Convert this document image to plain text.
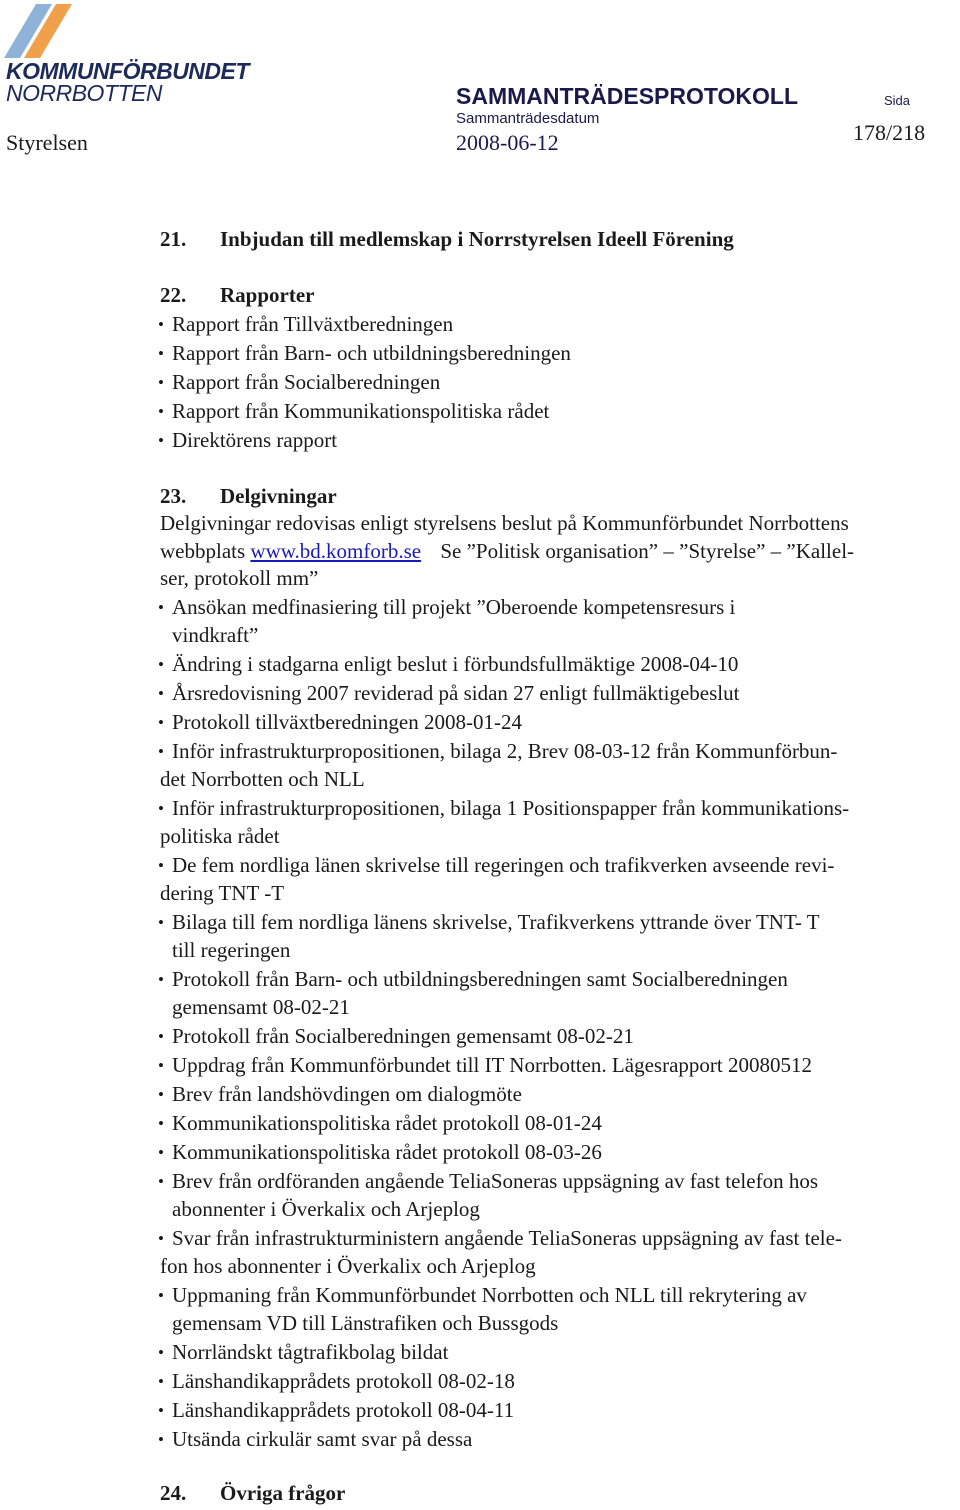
KOMMUNFÖRBUNDET
NORRBOTTEN
Styrelsen
SAMMANTRÄDESPROTOKOLL
Sammanträdesdatum
2008-06-12
Sida
178/218
21. Inbjudan till medlemskap i Norrstyrelsen Ideell Förening
22. Rapporter
• Rapport från Tillväxtberedningen
• Rapport från Barn- och utbildningsberedningen
• Rapport från Socialberedningen
• Rapport från Kommunikationspolitiska rådet
• Direktörens rapport
23. Delgivningar
Delgivningar redovisas enligt styrelsens beslut på Kommunförbundet Norrbottens
webbplats www.bd.komforb.se Se ”Politisk organisation” – ”Styrelse” – ”Kallel-
ser, protokoll mm”
• Ansökan medfinasiering till projekt ”Oberoende kompetensresurs i
vindkraft”
• Ändring i stadgarna enligt beslut i förbundsfullmäktige 2008-04-10
• Årsredovisning 2007 reviderad på sidan 27 enligt fullmäktigebeslut
• Protokoll tillväxtberedningen 2008-01-24
• Inför infrastrukturpropositionen, bilaga 2, Brev 08-03-12 från Kommunförbun-
det Norrbotten och NLL
• Inför infrastrukturpropositionen, bilaga 1 Positionspapper från kommunikations-
politiska rådet
• De fem nordliga länen skrivelse till regeringen och trafikverken avseende revi-
dering TNT -T
• Bilaga till fem nordliga länens skrivelse, Trafikverkens yttrande över TNT- T
till regeringen
• Protokoll från Barn- och utbildningsberedningen samt Socialberedningen
gemensamt 08-02-21
• Protokoll från Socialberedningen gemensamt 08-02-21
• Uppdrag från Kommunförbundet till IT Norrbotten. Lägesrapport 20080512
• Brev från landshövdingen om dialogmöte
• Kommunikationspolitiska rådet protokoll 08-01-24
• Kommunikationspolitiska rådet protokoll 08-03-26
• Brev från ordföranden angående TeliaSoneras uppsägning av fast telefon hos
abonnenter i Överkalix och Arjeplog
• Svar från infrastrukturministern angående TeliaSoneras uppsägning av fast tele-
fon hos abonnenter i Överkalix och Arjeplog
• Uppmaning från Kommunförbundet Norrbotten och NLL till rekrytering av
gemensam VD till Länstrafiken och Bussgods
• Norrländskt tågtrafikbolag bildat
• Länshandikapprådets protokoll 08-02-18
• Länshandikapprådets protokoll 08-04-11
• Utsända cirkulär samt svar på dessa
24. Övriga frågor
